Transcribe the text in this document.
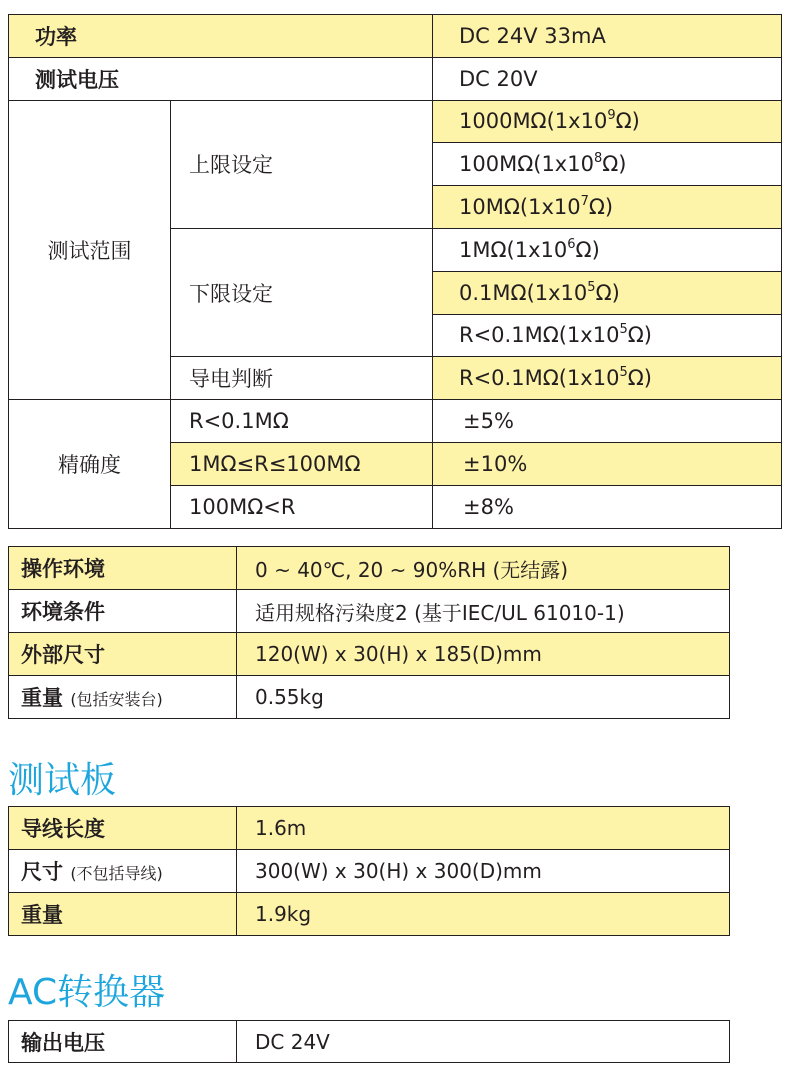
功率		DC 24V 33mA
测试电压		DC 20V
测试范围	上限设定	$1000M\Omega(1x10^9\Omega)$
		$100M\Omega(1x10^8\Omega)$
		$10M\Omega(1x10^7\Omega)$
	下限设定	$1M\Omega(1x10^6\Omega)$
		$0.1M\Omega(1x10^5\Omega)$
		$R<0.1M\Omega(1x10^5\Omega)$
	导电判断	$R<0.1M\Omega(1x10^5\Omega)$
精确度	R<0.1MΩ	±5%
	1MΩ≤R≤100MΩ	±10%
	100MΩ<R	±8%
操作环境	0 ~ 40℃, 20 ~ 90%RH (无结露)
环境条件	适用规格污染度2 (基于IEC/UL 61010-1)
外部尺寸	120(W) x 30(H) x 185(D)mm
重量 (包括安装台)	0.55kg
测试板
导线长度	1.6m
尺寸 (不包括导线)	300(W) x 30(H) x 300(D)mm
重量	1.9kg
AC转换器
输出电压	DC 24V
